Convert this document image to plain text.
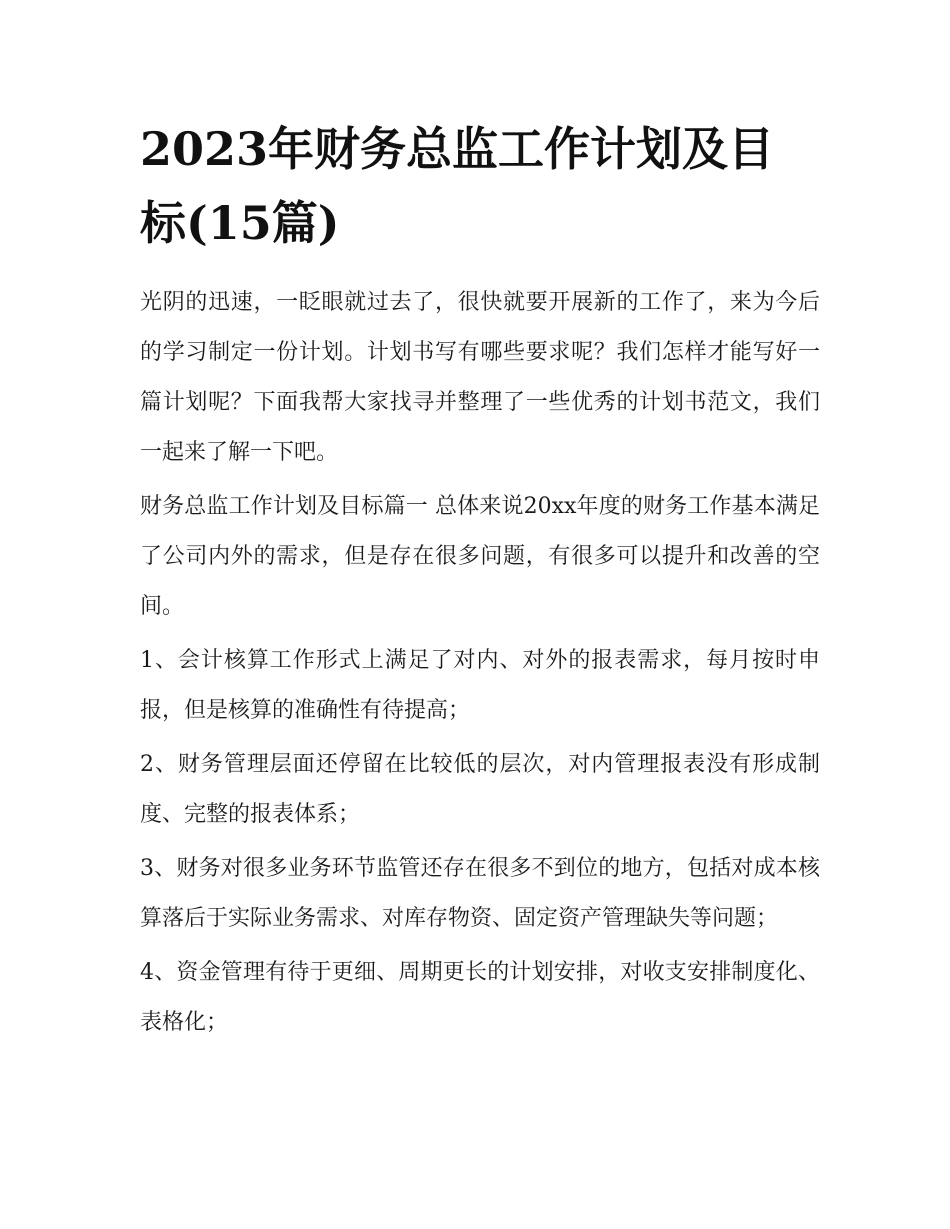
2023年财务总监工作计划及目标(15篇)

光阴的迅速，一眨眼就过去了，很快就要开展新的工作了，来为今后的学习制定一份计划。计划书写有哪些要求呢？我们怎样才能写好一篇计划呢？下面我帮大家找寻并整理了一些优秀的计划书范文，我们一起来了解一下吧。

财务总监工作计划及目标篇一 总体来说20xx年度的财务工作基本满足了公司内外的需求，但是存在很多问题，有很多可以提升和改善的空间。

1、会计核算工作形式上满足了对内、对外的报表需求，每月按时申报，但是核算的准确性有待提高；

2、财务管理层面还停留在比较低的层次，对内管理报表没有形成制度、完整的报表体系；

3、财务对很多业务环节监管还存在很多不到位的地方，包括对成本核算落后于实际业务需求、对库存物资、固定资产管理缺失等问题；

4、资金管理有待于更细、周期更长的计划安排，对收支安排制度化、表格化；
